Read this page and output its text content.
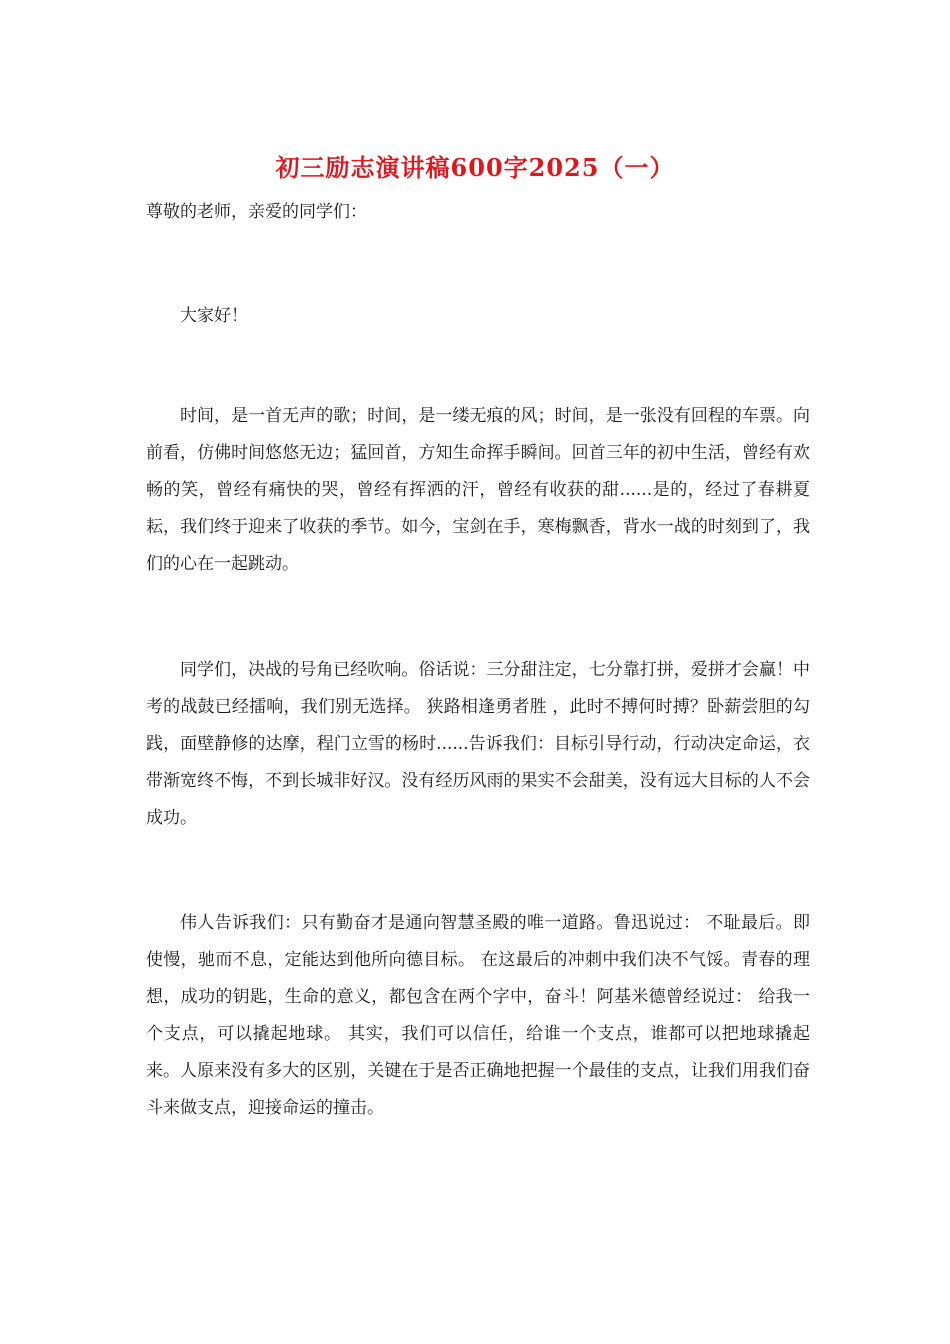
初三励志演讲稿600字2025（一）
尊敬的老师，亲爱的同学们：
大家好！
时间，是一首无声的歌；时间，是一缕无痕的风；时间，是一张没有回程的车票。向前看，仿佛时间悠悠无边；猛回首，方知生命挥手瞬间。回首三年的初中生活，曾经有欢畅的笑，曾经有痛快的哭，曾经有挥洒的汗，曾经有收获的甜......是的，经过了春耕夏耘，我们终于迎来了收获的季节。如今，宝剑在手，寒梅飘香，背水一战的时刻到了，我们的心在一起跳动。
同学们，决战的号角已经吹响。俗话说：三分甜注定，七分靠打拼，爱拼才会赢！中考的战鼓已经擂响，我们别无选择。 狭路相逢勇者胜 ，此时不搏何时搏？卧薪尝胆的勾践，面壁静修的达摩，程门立雪的杨时......告诉我们：目标引导行动，行动决定命运，衣带渐宽终不悔，不到长城非好汉。没有经历风雨的果实不会甜美，没有远大目标的人不会成功。
伟人告诉我们：只有勤奋才是通向智慧圣殿的唯一道路。鲁迅说过： 不耻最后。即使慢，驰而不息，定能达到他所向德目标。 在这最后的冲刺中我们决不气馁。青春的理想，成功的钥匙，生命的意义，都包含在两个字中，奋斗！阿基米德曾经说过： 给我一个支点，可以撬起地球。 其实，我们可以信任，给谁一个支点，谁都可以把地球撬起来。人原来没有多大的区别，关键在于是否正确地把握一个最佳的支点，让我们用我们奋斗来做支点，迎接命运的撞击。
